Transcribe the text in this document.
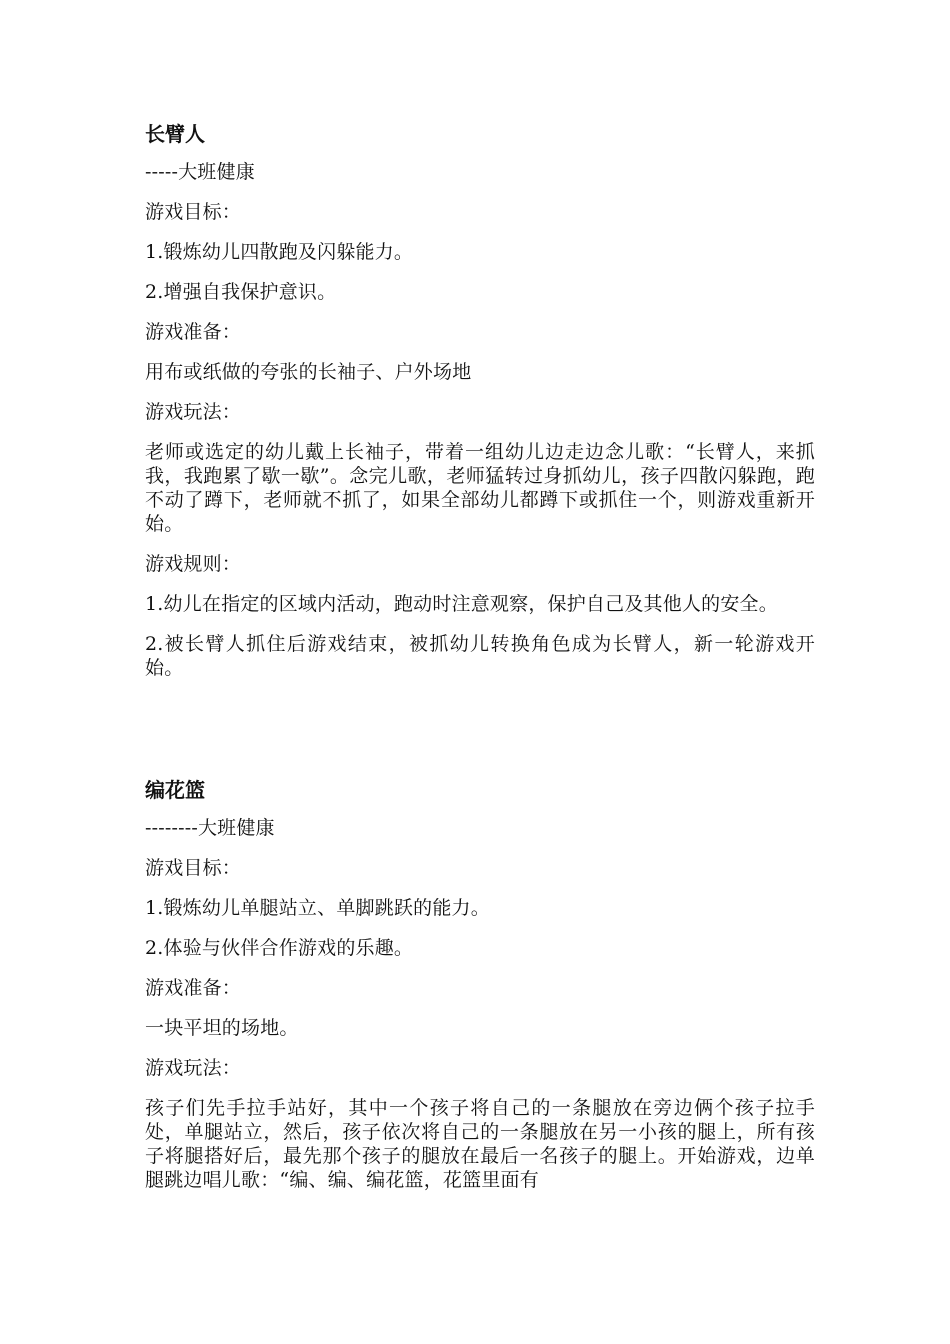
长臂人
-----大班健康
游戏目标：
1.锻炼幼儿四散跑及闪躲能力。
2.增强自我保护意识。
游戏准备：
用布或纸做的夸张的长袖子、户外场地
游戏玩法：
老师或选定的幼儿戴上长袖子，带着一组幼儿边走边念儿歌：“长臂人，来抓我，我跑累了歇一歇”。念完儿歌，老师猛转过身抓幼儿，孩子四散闪躲跑，跑不动了蹲下，老师就不抓了，如果全部幼儿都蹲下或抓住一个，则游戏重新开始。
游戏规则：
1.幼儿在指定的区域内活动，跑动时注意观察，保护自己及其他人的安全。
2.被长臂人抓住后游戏结束，被抓幼儿转换角色成为长臂人，新一轮游戏开始。
编花篮
--------大班健康
游戏目标：
1.锻炼幼儿单腿站立、单脚跳跃的能力。
2.体验与伙伴合作游戏的乐趣。
游戏准备：
一块平坦的场地。
游戏玩法：
孩子们先手拉手站好，其中一个孩子将自己的一条腿放在旁边俩个孩子拉手处，单腿站立，然后，孩子依次将自己的一条腿放在另一小孩的腿上，所有孩子将腿搭好后，最先那个孩子的腿放在最后一名孩子的腿上。开始游戏，边单腿跳边唱儿歌：“编、编、编花篮，花篮里面有
